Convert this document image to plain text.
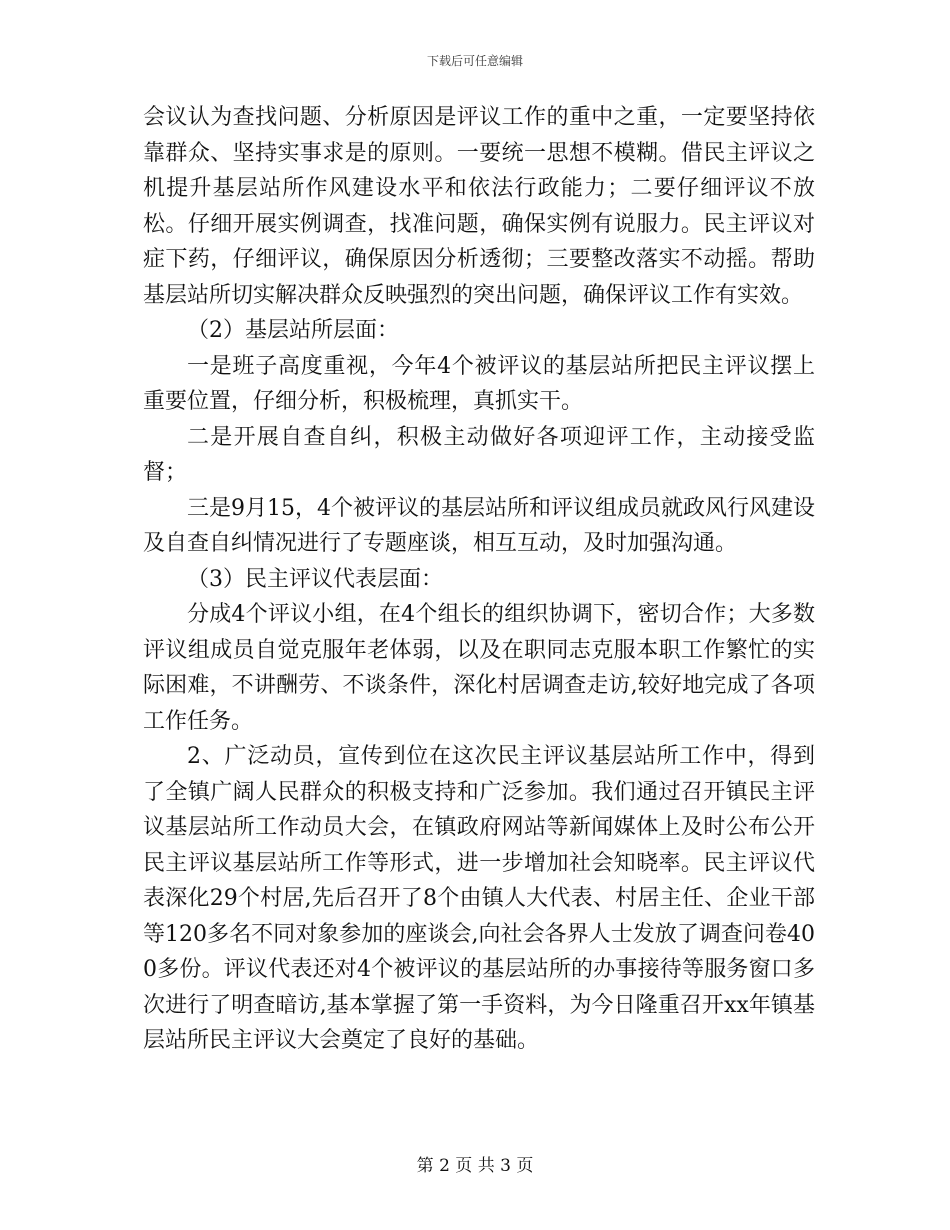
下载后可任意编辑

会议认为查找问题、分析原因是评议工作的重中之重，一定要坚持依靠群众、坚持实事求是的原则。一要统一思想不模糊。借民主评议之机提升基层站所作风建设水平和依法行政能力；二要仔细评议不放松。仔细开展实例调查，找准问题，确保实例有说服力。民主评议对症下药，仔细评议，确保原因分析透彻；三要整改落实不动摇。帮助基层站所切实解决群众反映强烈的突出问题，确保评议工作有实效。

（2）基层站所层面：

一是班子高度重视，今年4个被评议的基层站所把民主评议摆上重要位置，仔细分析，积极梳理，真抓实干。

二是开展自查自纠，积极主动做好各项迎评工作，主动接受监督；

三是9月15，4个被评议的基层站所和评议组成员就政风行风建设及自查自纠情况进行了专题座谈，相互互动，及时加强沟通。

（3）民主评议代表层面：

分成4个评议小组，在4个组长的组织协调下，密切合作；大多数评议组成员自觉克服年老体弱，以及在职同志克服本职工作繁忙的实际困难，不讲酬劳、不谈条件，深化村居调查走访,较好地完成了各项工作任务。

2、广泛动员，宣传到位在这次民主评议基层站所工作中，得到了全镇广阔人民群众的积极支持和广泛参加。我们通过召开镇民主评议基层站所工作动员大会，在镇政府网站等新闻媒体上及时公布公开民主评议基层站所工作等形式，进一步增加社会知晓率。民主评议代表深化29个村居,先后召开了8个由镇人大代表、村居主任、企业干部等120多名不同对象参加的座谈会,向社会各界人士发放了调查问卷400多份。评议代表还对4个被评议的基层站所的办事接待等服务窗口多次进行了明查暗访,基本掌握了第一手资料，为今日隆重召开xx年镇基层站所民主评议大会奠定了良好的基础。

第 2 页 共 3 页
